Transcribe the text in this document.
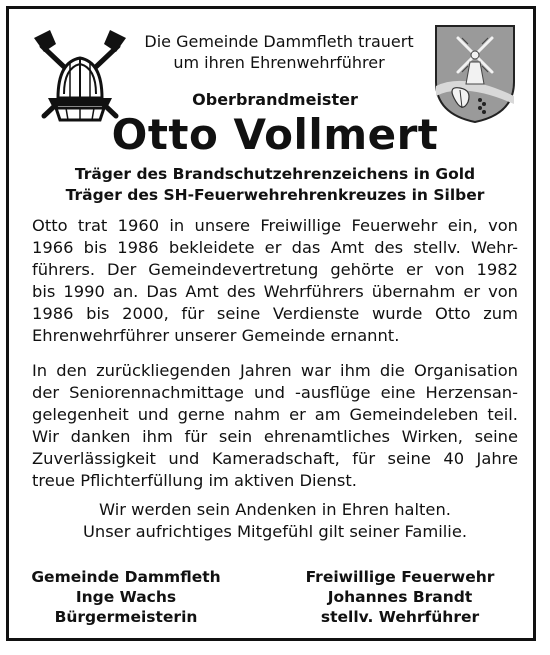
Die Gemeinde Dammfleth trauert
um ihren Ehrenwehrführer
Oberbrandmeister
Otto Vollmert
Träger des Brandschutzehrenzeichens in Gold
Träger des SH-Feuerwehrehrenkreuzes in Silber
Otto trat 1960 in unsere Freiwillige Feuerwehr ein, von
1966 bis 1986 bekleidete er das Amt des stellv. Wehr-
führers. Der Gemeindevertretung gehörte er von 1982
bis 1990 an. Das Amt des Wehrführers übernahm er von
1986 bis 2000, für seine Verdienste wurde Otto zum
Ehrenwehrführer unserer Gemeinde ernannt.
In den zurückliegenden Jahren war ihm die Organisation
der Seniorennachmittage und -ausflüge eine Herzensan-
gelegenheit und gerne nahm er am Gemeindeleben teil.
Wir danken ihm für sein ehrenamtliches Wirken, seine
Zuverlässigkeit und Kameradschaft, für seine 40 Jahre
treue Pflichterfüllung im aktiven Dienst.
Wir werden sein Andenken in Ehren halten.
Unser aufrichtiges Mitgefühl gilt seiner Familie.
Gemeinde Dammfleth
Inge Wachs
Bürgermeisterin
Freiwillige Feuerwehr
Johannes Brandt
stellv. Wehrführer
